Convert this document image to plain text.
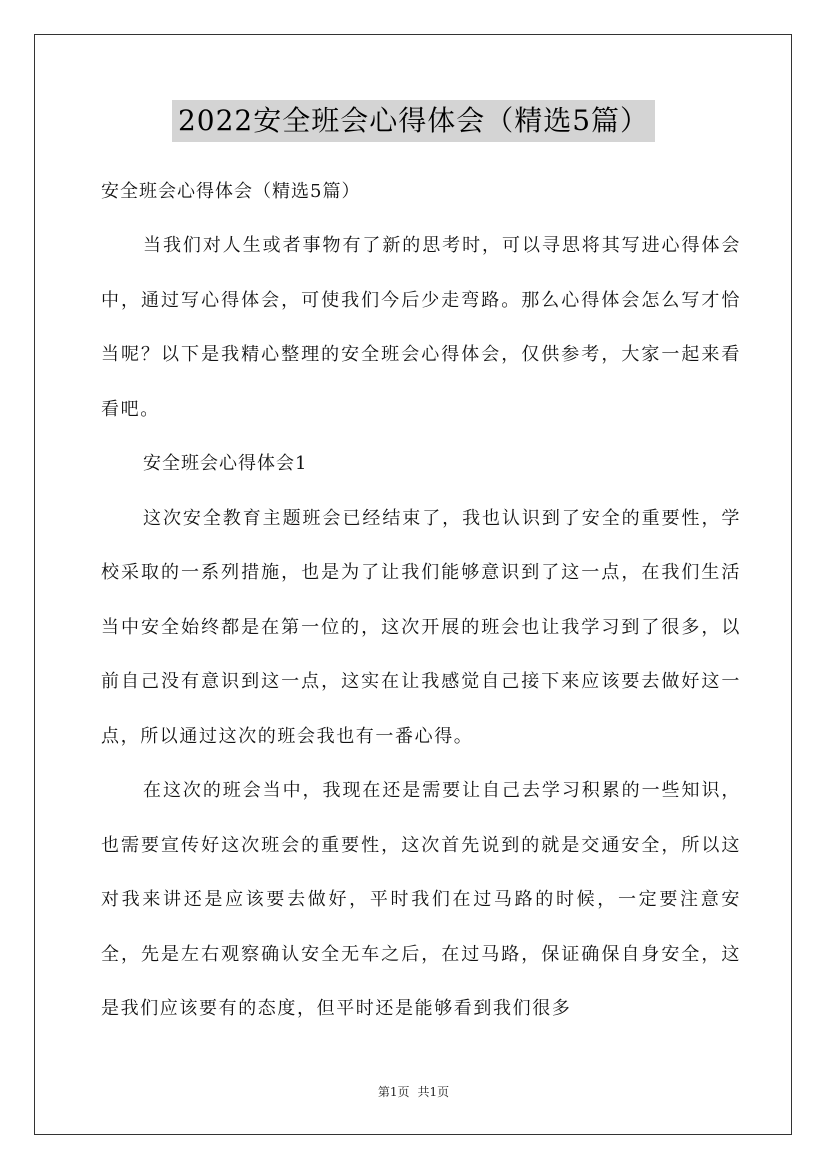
2022安全班会心得体会（精选5篇）

安全班会心得体会（精选5篇）

当我们对人生或者事物有了新的思考时，可以寻思将其写进心得体会中，通过写心得体会，可使我们今后少走弯路。那么心得体会怎么写才恰当呢？以下是我精心整理的安全班会心得体会，仅供参考，大家一起来看看吧。

安全班会心得体会1

这次安全教育主题班会已经结束了，我也认识到了安全的重要性，学校采取的一系列措施，也是为了让我们能够意识到了这一点，在我们生活当中安全始终都是在第一位的，这次开展的班会也让我学习到了很多，以前自己没有意识到这一点，这实在让我感觉自己接下来应该要去做好这一点，所以通过这次的班会我也有一番心得。

在这次的班会当中，我现在还是需要让自己去学习积累的一些知识，也需要宣传好这次班会的重要性，这次首先说到的就是交通安全，所以这对我来讲还是应该要去做好，平时我们在过马路的时候，一定要注意安全，先是左右观察确认安全无车之后，在过马路，保证确保自身安全，这是我们应该要有的态度，但平时还是能够看到我们很多

第1页 共1页
